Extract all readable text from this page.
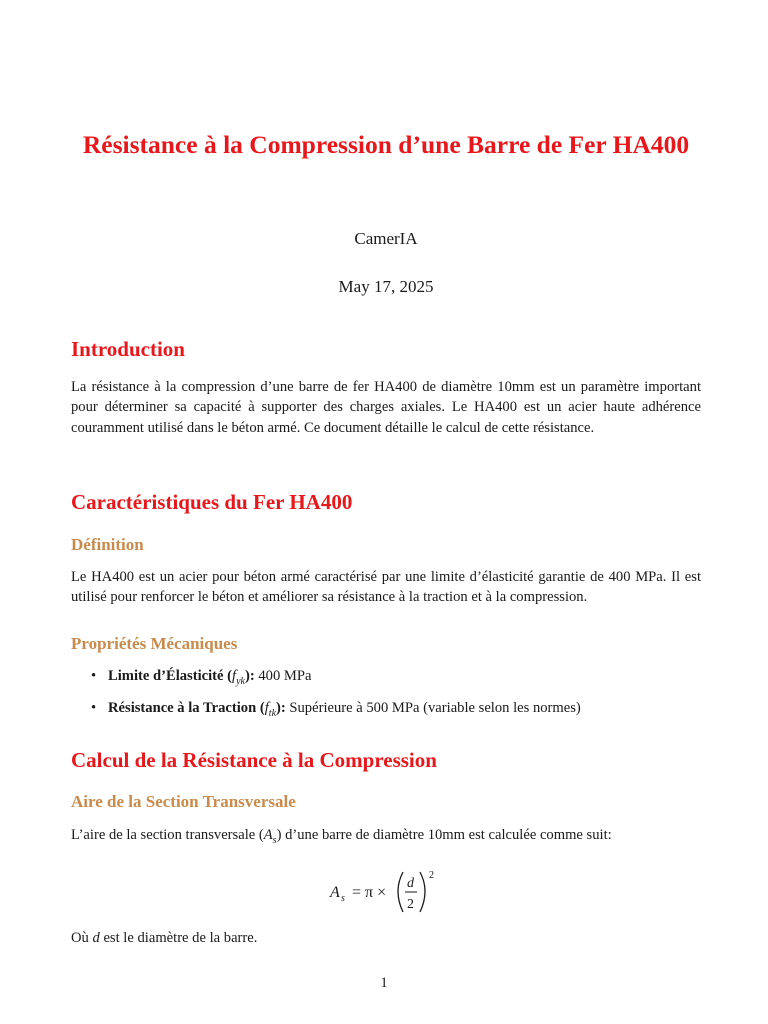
Résistance à la Compression d’une Barre de Fer HA400
CamerIA
May 17, 2025
Introduction
La résistance à la compression d’une barre de fer HA400 de diamètre 10mm est un paramètre important pour déterminer sa capacité à supporter des charges axiales. Le HA400 est un acier haute adhérence couramment utilisé dans le béton armé. Ce document détaille le calcul de cette résistance.
Caractéristiques du Fer HA400
Définition
Le HA400 est un acier pour béton armé caractérisé par une limite d’élasticité garantie de 400 MPa. Il est utilisé pour renforcer le béton et améliorer sa résistance à la traction et à la compression.
Propriétés Mécaniques
• Limite d’Élasticité $(f_{yk})$: 400 MPa
• Résistance à la Traction $(f_{tk})$: Supérieure à 500 MPa (variable selon les normes)
Calcul de la Résistance à la Compression
Aire de la Section Transversale
L’aire de la section transversale $(A_s)$ d’une barre de diamètre 10mm est calculée comme suit:
A s = π ×
d
2
2
Où d est le diamètre de la barre.
1
